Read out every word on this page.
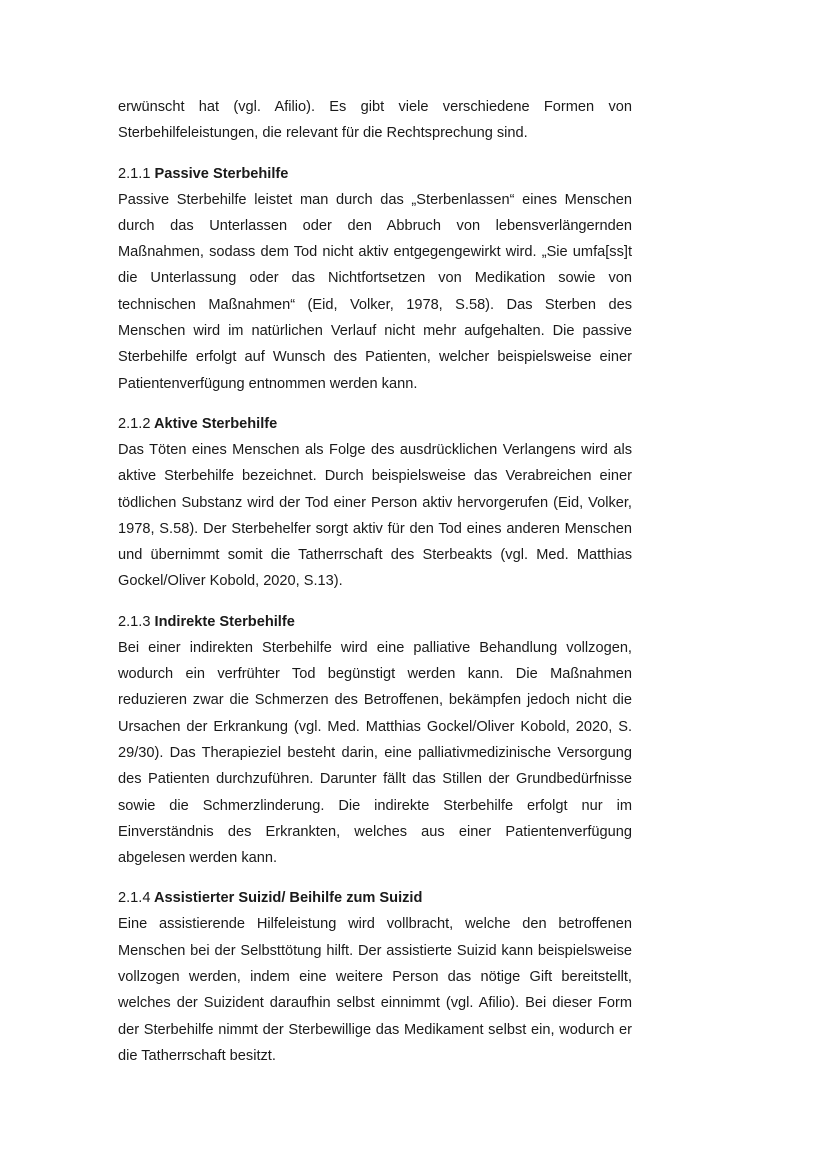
erwünscht hat (vgl. Afilio). Es gibt viele verschiedene Formen von Sterbehilfeleistungen, die relevant für die Rechtsprechung sind.

2.1.1 Passive Sterbehilfe

Passive Sterbehilfe leistet man durch das „Sterbenlassen“ eines Menschen durch das Unterlassen oder den Abbruch von lebensverlängernden Maßnahmen, sodass dem Tod nicht aktiv entgegengewirkt wird. „Sie umfa[ss]t die Unterlassung oder das Nichtfortsetzen von Medikation sowie von technischen Maßnahmen“ (Eid, Volker, 1978, S.58). Das Sterben des Menschen wird im natürlichen Verlauf nicht mehr aufgehalten. Die passive Sterbehilfe erfolgt auf Wunsch des Patienten, welcher beispielsweise einer Patientenverfügung entnommen werden kann.

2.1.2 Aktive Sterbehilfe

Das Töten eines Menschen als Folge des ausdrücklichen Verlangens wird als aktive Sterbehilfe bezeichnet. Durch beispielsweise das Verabreichen einer tödlichen Substanz wird der Tod einer Person aktiv hervorgerufen (Eid, Volker, 1978, S.58). Der Sterbehelfer sorgt aktiv für den Tod eines anderen Menschen und übernimmt somit die Tatherrschaft des Sterbeakts (vgl. Med. Matthias Gockel/Oliver Kobold, 2020, S.13).

2.1.3 Indirekte Sterbehilfe

Bei einer indirekten Sterbehilfe wird eine palliative Behandlung vollzogen, wodurch ein verfrühter Tod begünstigt werden kann. Die Maßnahmen reduzieren zwar die Schmerzen des Betroffenen, bekämpfen jedoch nicht die Ursachen der Erkrankung (vgl. Med. Matthias Gockel/Oliver Kobold, 2020, S. 29/30). Das Therapieziel besteht darin, eine palliativmedizinische Versorgung des Patienten durchzuführen. Darunter fällt das Stillen der Grundbedürfnisse sowie die Schmerzlinderung. Die indirekte Sterbehilfe erfolgt nur im Einverständnis des Erkrankten, welches aus einer Patientenverfügung abgelesen werden kann.

2.1.4 Assistierter Suizid/ Beihilfe zum Suizid

Eine assistierende Hilfeleistung wird vollbracht, welche den betroffenen Menschen bei der Selbsttötung hilft. Der assistierte Suizid kann beispielsweise vollzogen werden, indem eine weitere Person das nötige Gift bereitstellt, welches der Suizident daraufhin selbst einnimmt (vgl. Afilio). Bei dieser Form der Sterbehilfe nimmt der Sterbewillige das Medikament selbst ein, wodurch er die Tatherrschaft besitzt.
